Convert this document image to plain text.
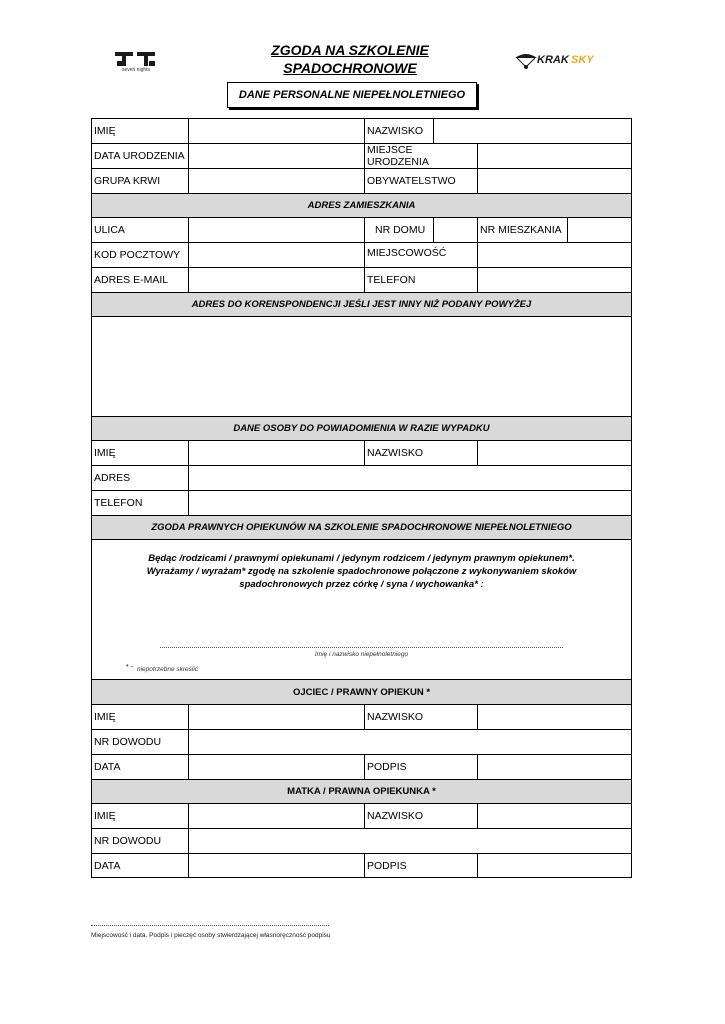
seven nights
ZGODA NA SZKOLENIE
SPADOCHRONOWE	KRAK SKY
DANE PERSONALNE NIEPEŁNOLETNIEGO
IMIĘ	NAZWISKO
DATA URODZENIA	MIEJSCE URODZENIA
GRUPA KRWI	OBYWATELSTWO
ADRES ZAMIESZKANIA
ULICA	NR DOMU	NR MIESZKANIA
KOD POCZTOWY	MIEJSCOWOŚĆ
ADRES E-MAIL	TELEFON
ADRES DO KORENSPONDENCJI JEŚLI JEST INNY NIŻ PODANY POWYŻEJ
DANE OSOBY DO POWIADOMIENIA W RAZIE WYPADKU
IMIĘ	NAZWISKO
ADRES
TELEFON
ZGODA PRAWNYCH OPIEKUNÓW NA SZKOLENIE SPADOCHRONOWE NIEPEŁNOLETNIEGO
Będąc /rodzicami / prawnymi opiekunami / jedynym rodzicem / jedynym prawnym opiekunem*.
Wyrażamy / wyrażam* zgodę na szkolenie spadochronowe połączone z wykonywaniem skoków
spadochronowych przez córkę / syna / wychowanka* :
Imię i nazwisko niepełnoletniego
* - niepotrzebne skreślić
OJCIEC / PRAWNY OPIEKUN *
IMIĘ	NAZWISKO
NR DOWODU
DATA	PODPIS
MATKA / PRAWNA OPIEKUNKA *
IMIĘ	NAZWISKO
NR DOWODU
DATA	PODPIS
Miejscowość i data. Podpis i pieczęć osoby stwierdzającej własnoręczność podpisu
